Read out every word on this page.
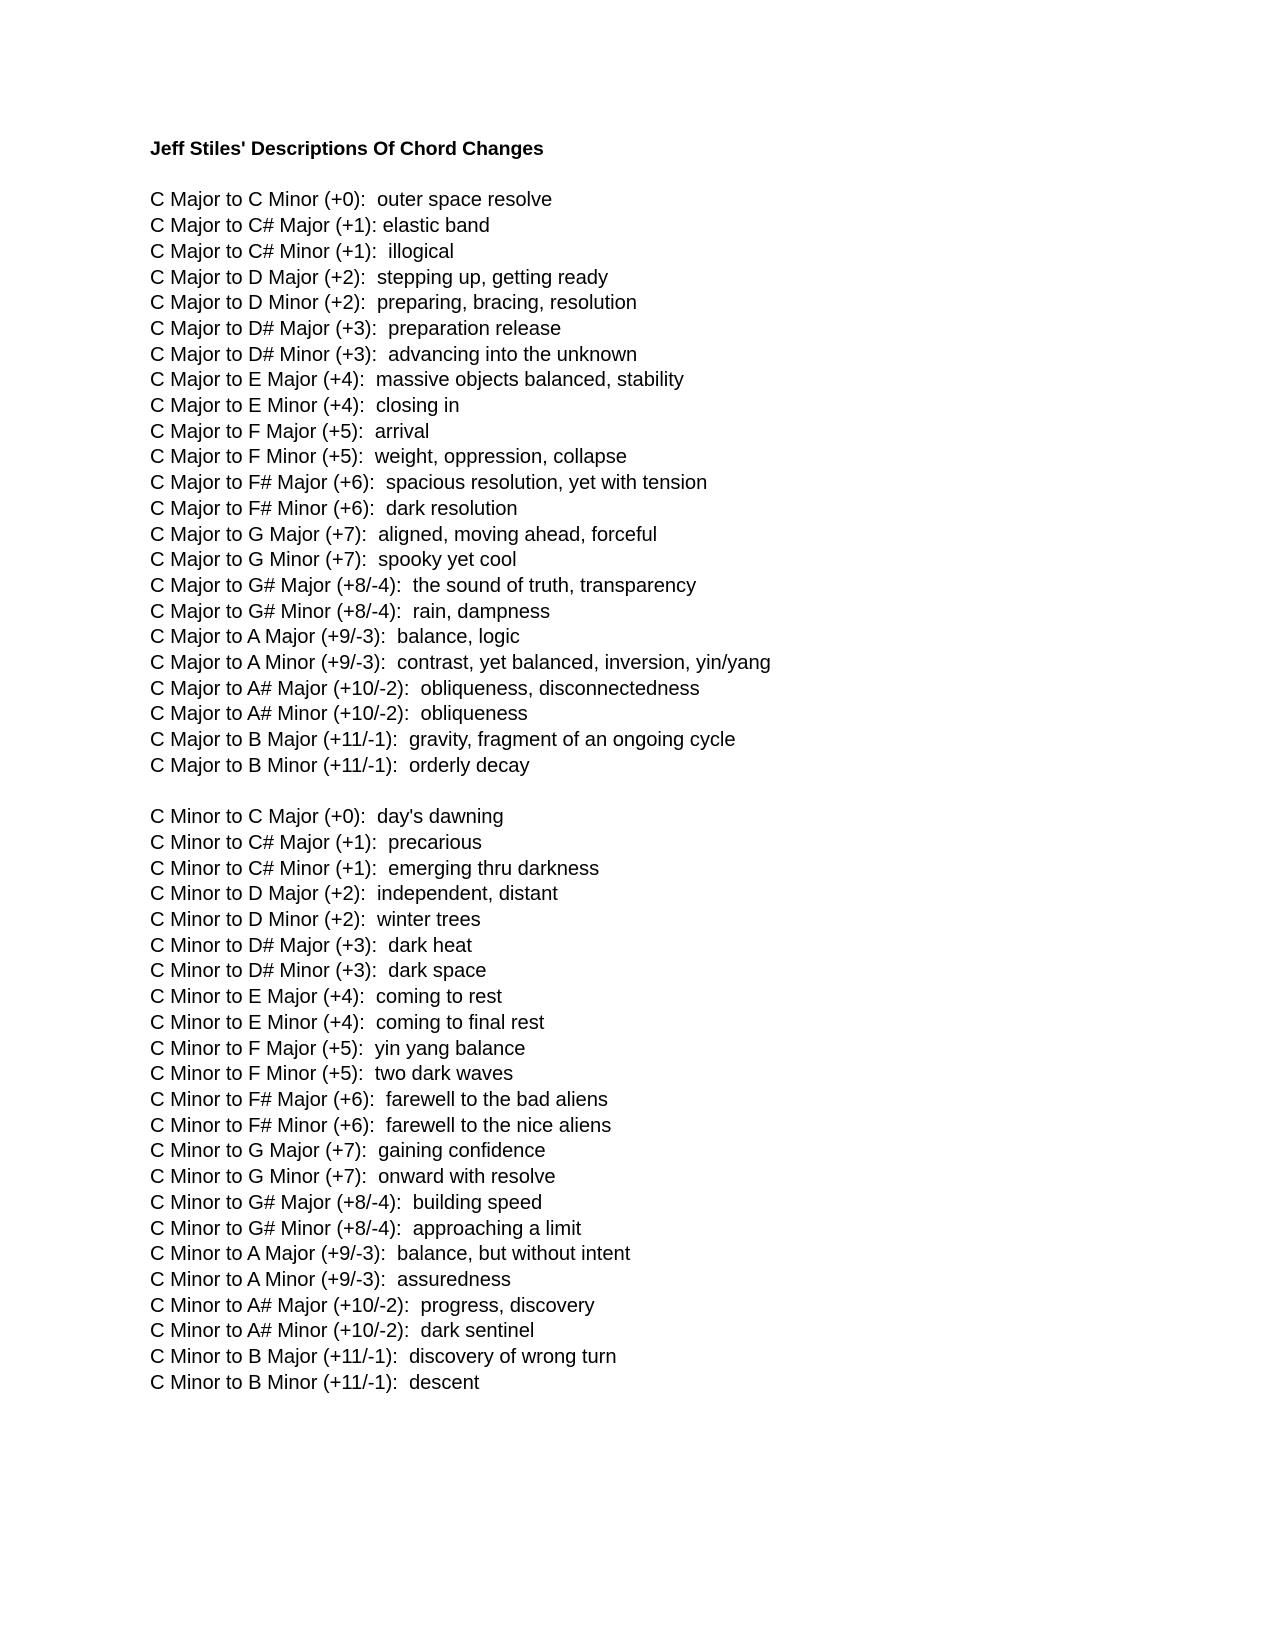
Jeff Stiles' Descriptions Of Chord Changes

C Major to C Minor (+0):  outer space resolve

C Major to C# Major (+1): elastic band

C Major to C# Minor (+1):  illogical

C Major to D Major (+2):  stepping up, getting ready

C Major to D Minor (+2):  preparing, bracing, resolution

C Major to D# Major (+3):  preparation release

C Major to D# Minor (+3):  advancing into the unknown

C Major to E Major (+4):  massive objects balanced, stability

C Major to E Minor (+4):  closing in

C Major to F Major (+5):  arrival

C Major to F Minor (+5):  weight, oppression, collapse

C Major to F# Major (+6):  spacious resolution, yet with tension

C Major to F# Minor (+6):  dark resolution

C Major to G Major (+7):  aligned, moving ahead, forceful

C Major to G Minor (+7):  spooky yet cool

C Major to G# Major (+8/-4):  the sound of truth, transparency

C Major to G# Minor (+8/-4):  rain, dampness

C Major to A Major (+9/-3):  balance, logic

C Major to A Minor (+9/-3):  contrast, yet balanced, inversion, yin/yang

C Major to A# Major (+10/-2):  obliqueness, disconnectedness

C Major to A# Minor (+10/-2):  obliqueness

C Major to B Major (+11/-1):  gravity, fragment of an ongoing cycle

C Major to B Minor (+11/-1):  orderly decay

C Minor to C Major (+0):  day's dawning

C Minor to C# Major (+1):  precarious

C Minor to C# Minor (+1):  emerging thru darkness

C Minor to D Major (+2):  independent, distant

C Minor to D Minor (+2):  winter trees

C Minor to D# Major (+3):  dark heat

C Minor to D# Minor (+3):  dark space

C Minor to E Major (+4):  coming to rest

C Minor to E Minor (+4):  coming to final rest

C Minor to F Major (+5):  yin yang balance

C Minor to F Minor (+5):  two dark waves

C Minor to F# Major (+6):  farewell to the bad aliens

C Minor to F# Minor (+6):  farewell to the nice aliens

C Minor to G Major (+7):  gaining confidence

C Minor to G Minor (+7):  onward with resolve

C Minor to G# Major (+8/-4):  building speed

C Minor to G# Minor (+8/-4):  approaching a limit

C Minor to A Major (+9/-3):  balance, but without intent

C Minor to A Minor (+9/-3):  assuredness

C Minor to A# Major (+10/-2):  progress, discovery

C Minor to A# Minor (+10/-2):  dark sentinel

C Minor to B Major (+11/-1):  discovery of wrong turn

C Minor to B Minor (+11/-1):  descent
